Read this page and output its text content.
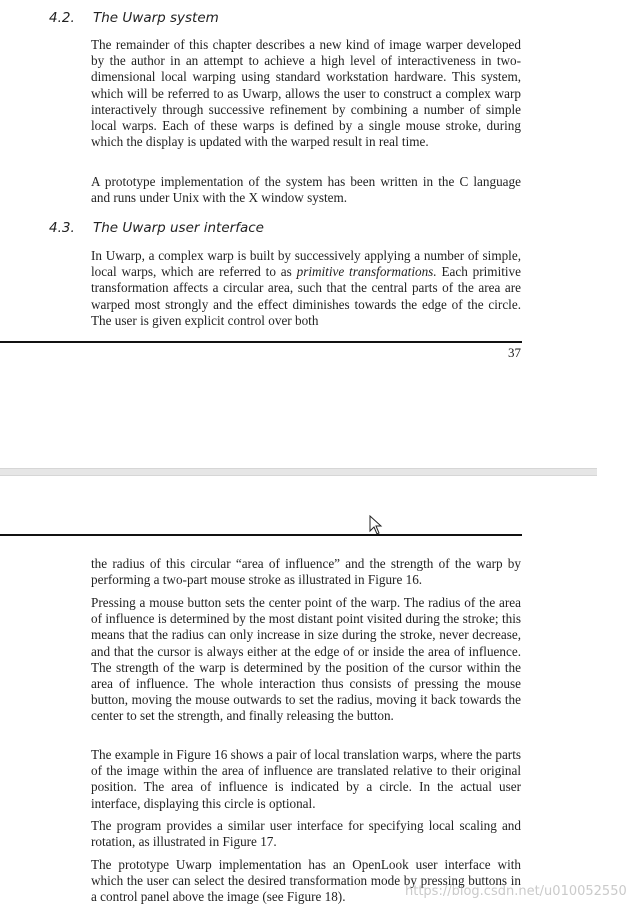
4.2. The Uwarp system
The remainder of this chapter describes a new kind of image warper developed by the author in an attempt to achieve a high level of interactiveness in two-dimensional local warping using standard workstation hardware. This system, which will be referred to as Uwarp, allows the user to construct a complex warp interactively through successive refinement by combining a number of simple local warps. Each of these warps is defined by a single mouse stroke, during which the display is updated with the warped result in real time.
A prototype implementation of the system has been written in the C language and runs under Unix with the X window system.
4.3. The Uwarp user interface
In Uwarp, a complex warp is built by successively applying a number of simple, local warps, which are referred to as primitive transformations. Each primitive transformation affects a circular area, such that the central parts of the area are warped most strongly and the effect diminishes towards the edge of the circle. The user is given explicit control over both
37
the radius of this circular “area of influence” and the strength of the warp by performing a two-part mouse stroke as illustrated in Figure 16.
Pressing a mouse button sets the center point of the warp. The radius of the area of influence is determined by the most distant point visited during the stroke; this means that the radius can only increase in size during the stroke, never decrease, and that the cursor is always either at the edge of or inside the area of influence. The strength of the warp is determined by the position of the cursor within the area of influence. The whole interaction thus consists of pressing the mouse button, moving the mouse outwards to set the radius, moving it back towards the center to set the strength, and finally releasing the button.
The example in Figure 16 shows a pair of local translation warps, where the parts of the image within the area of influence are translated relative to their original position. The area of influence is indicated by a circle. In the actual user interface, displaying this circle is optional.
The program provides a similar user interface for specifying local scaling and rotation, as illustrated in Figure 17.
The prototype Uwarp implementation has an OpenLook user interface with which the user can select the desired transformation mode by pressing buttons in a control panel above the image (see Figure 18).	https://blog.csdn.net/u010052550
